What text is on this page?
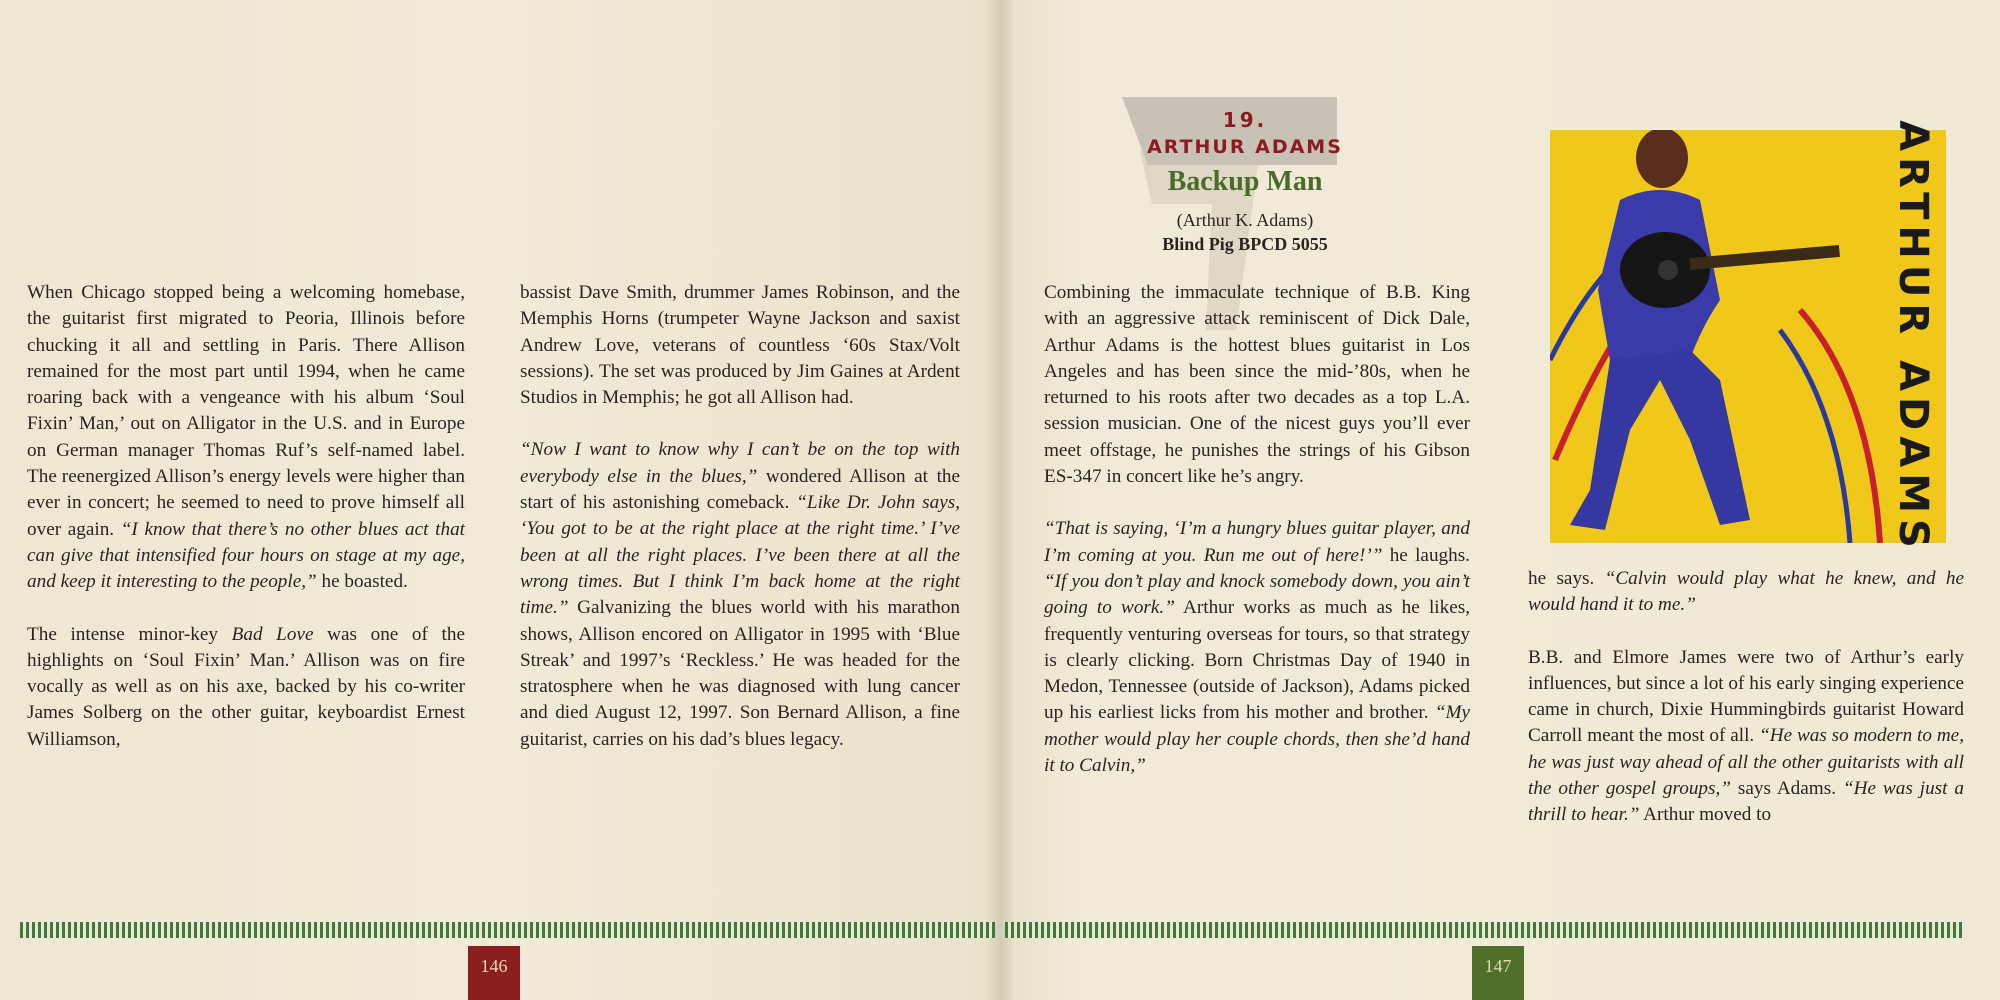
When Chicago stopped being a welcoming homebase, the guitarist first migrated to Peoria, Illinois before chucking it all and settling in Paris. There Allison remained for the most part until 1994, when he came roaring back with a vengeance with his album ‘Soul Fixin’ Man,’ out on Alligator in the U.S. and in Europe on German manager Thomas Ruf’s self-named label. The reenergized Allison’s energy levels were higher than ever in concert; he seemed to need to prove himself all over again. “I know that there’s no other blues act that can give that intensified four hours on stage at my age, and keep it interesting to the people,” he boasted.

The intense minor-key Bad Love was one of the highlights on ‘Soul Fixin’ Man.’ Allison was on fire vocally as well as on his axe, backed by his co-writer James Solberg on the other guitar, keyboardist Ernest Williamson,

bassist Dave Smith, drummer James Robinson, and the Memphis Horns (trumpeter Wayne Jackson and saxist Andrew Love, veterans of countless ‘60s Stax/Volt sessions). The set was produced by Jim Gaines at Ardent Studios in Memphis; he got all Allison had.

“Now I want to know why I can’t be on the top with everybody else in the blues,” wondered Allison at the start of his astonishing comeback. “Like Dr. John says, ‘You got to be at the right place at the right time.’ I’ve been at all the right places. I’ve been there at all the wrong times. But I think I’m back home at the right time.” Galvanizing the blues world with his marathon shows, Allison encored on Alligator in 1995 with ‘Blue Streak’ and 1997’s ‘Reckless.’ He was headed for the stratosphere when he was diagnosed with lung cancer and died August 12, 1997. Son Bernard Allison, a fine guitarist, carries on his dad’s blues legacy.

19.
ARTHUR ADAMS
Backup Man
(Arthur K. Adams)
Blind Pig BPCD 5055	ARTHUR ADAMS

Combining the immaculate technique of B.B. King with an aggressive attack reminiscent of Dick Dale, Arthur Adams is the hottest blues guitarist in Los Angeles and has been since the mid-’80s, when he returned to his roots after two decades as a top L.A. session musician. One of the nicest guys you’ll ever meet offstage, he punishes the strings of his Gibson ES-347 in concert like he’s angry.

“That is saying, ‘I’m a hungry blues guitar player, and I’m coming at you. Run me out of here!’” he laughs. “If you don’t play and knock somebody down, you ain’t going to work.” Arthur works as much as he likes, frequently venturing overseas for tours, so that strategy is clearly clicking. Born Christmas Day of 1940 in Medon, Tennessee (outside of Jackson), Adams picked up his earliest licks from his mother and brother. “My mother would play her couple chords, then she’d hand it to Calvin,”

he says. “Calvin would play what he knew, and he would hand it to me.”

B.B. and Elmore James were two of Arthur’s early influences, but since a lot of his early singing experience came in church, Dixie Hummingbirds guitarist Howard Carroll meant the most of all. “He was so modern to me, he was just way ahead of all the other guitarists with all the other gospel groups,” says Adams. “He was just a thrill to hear.” Arthur moved to

146	147
